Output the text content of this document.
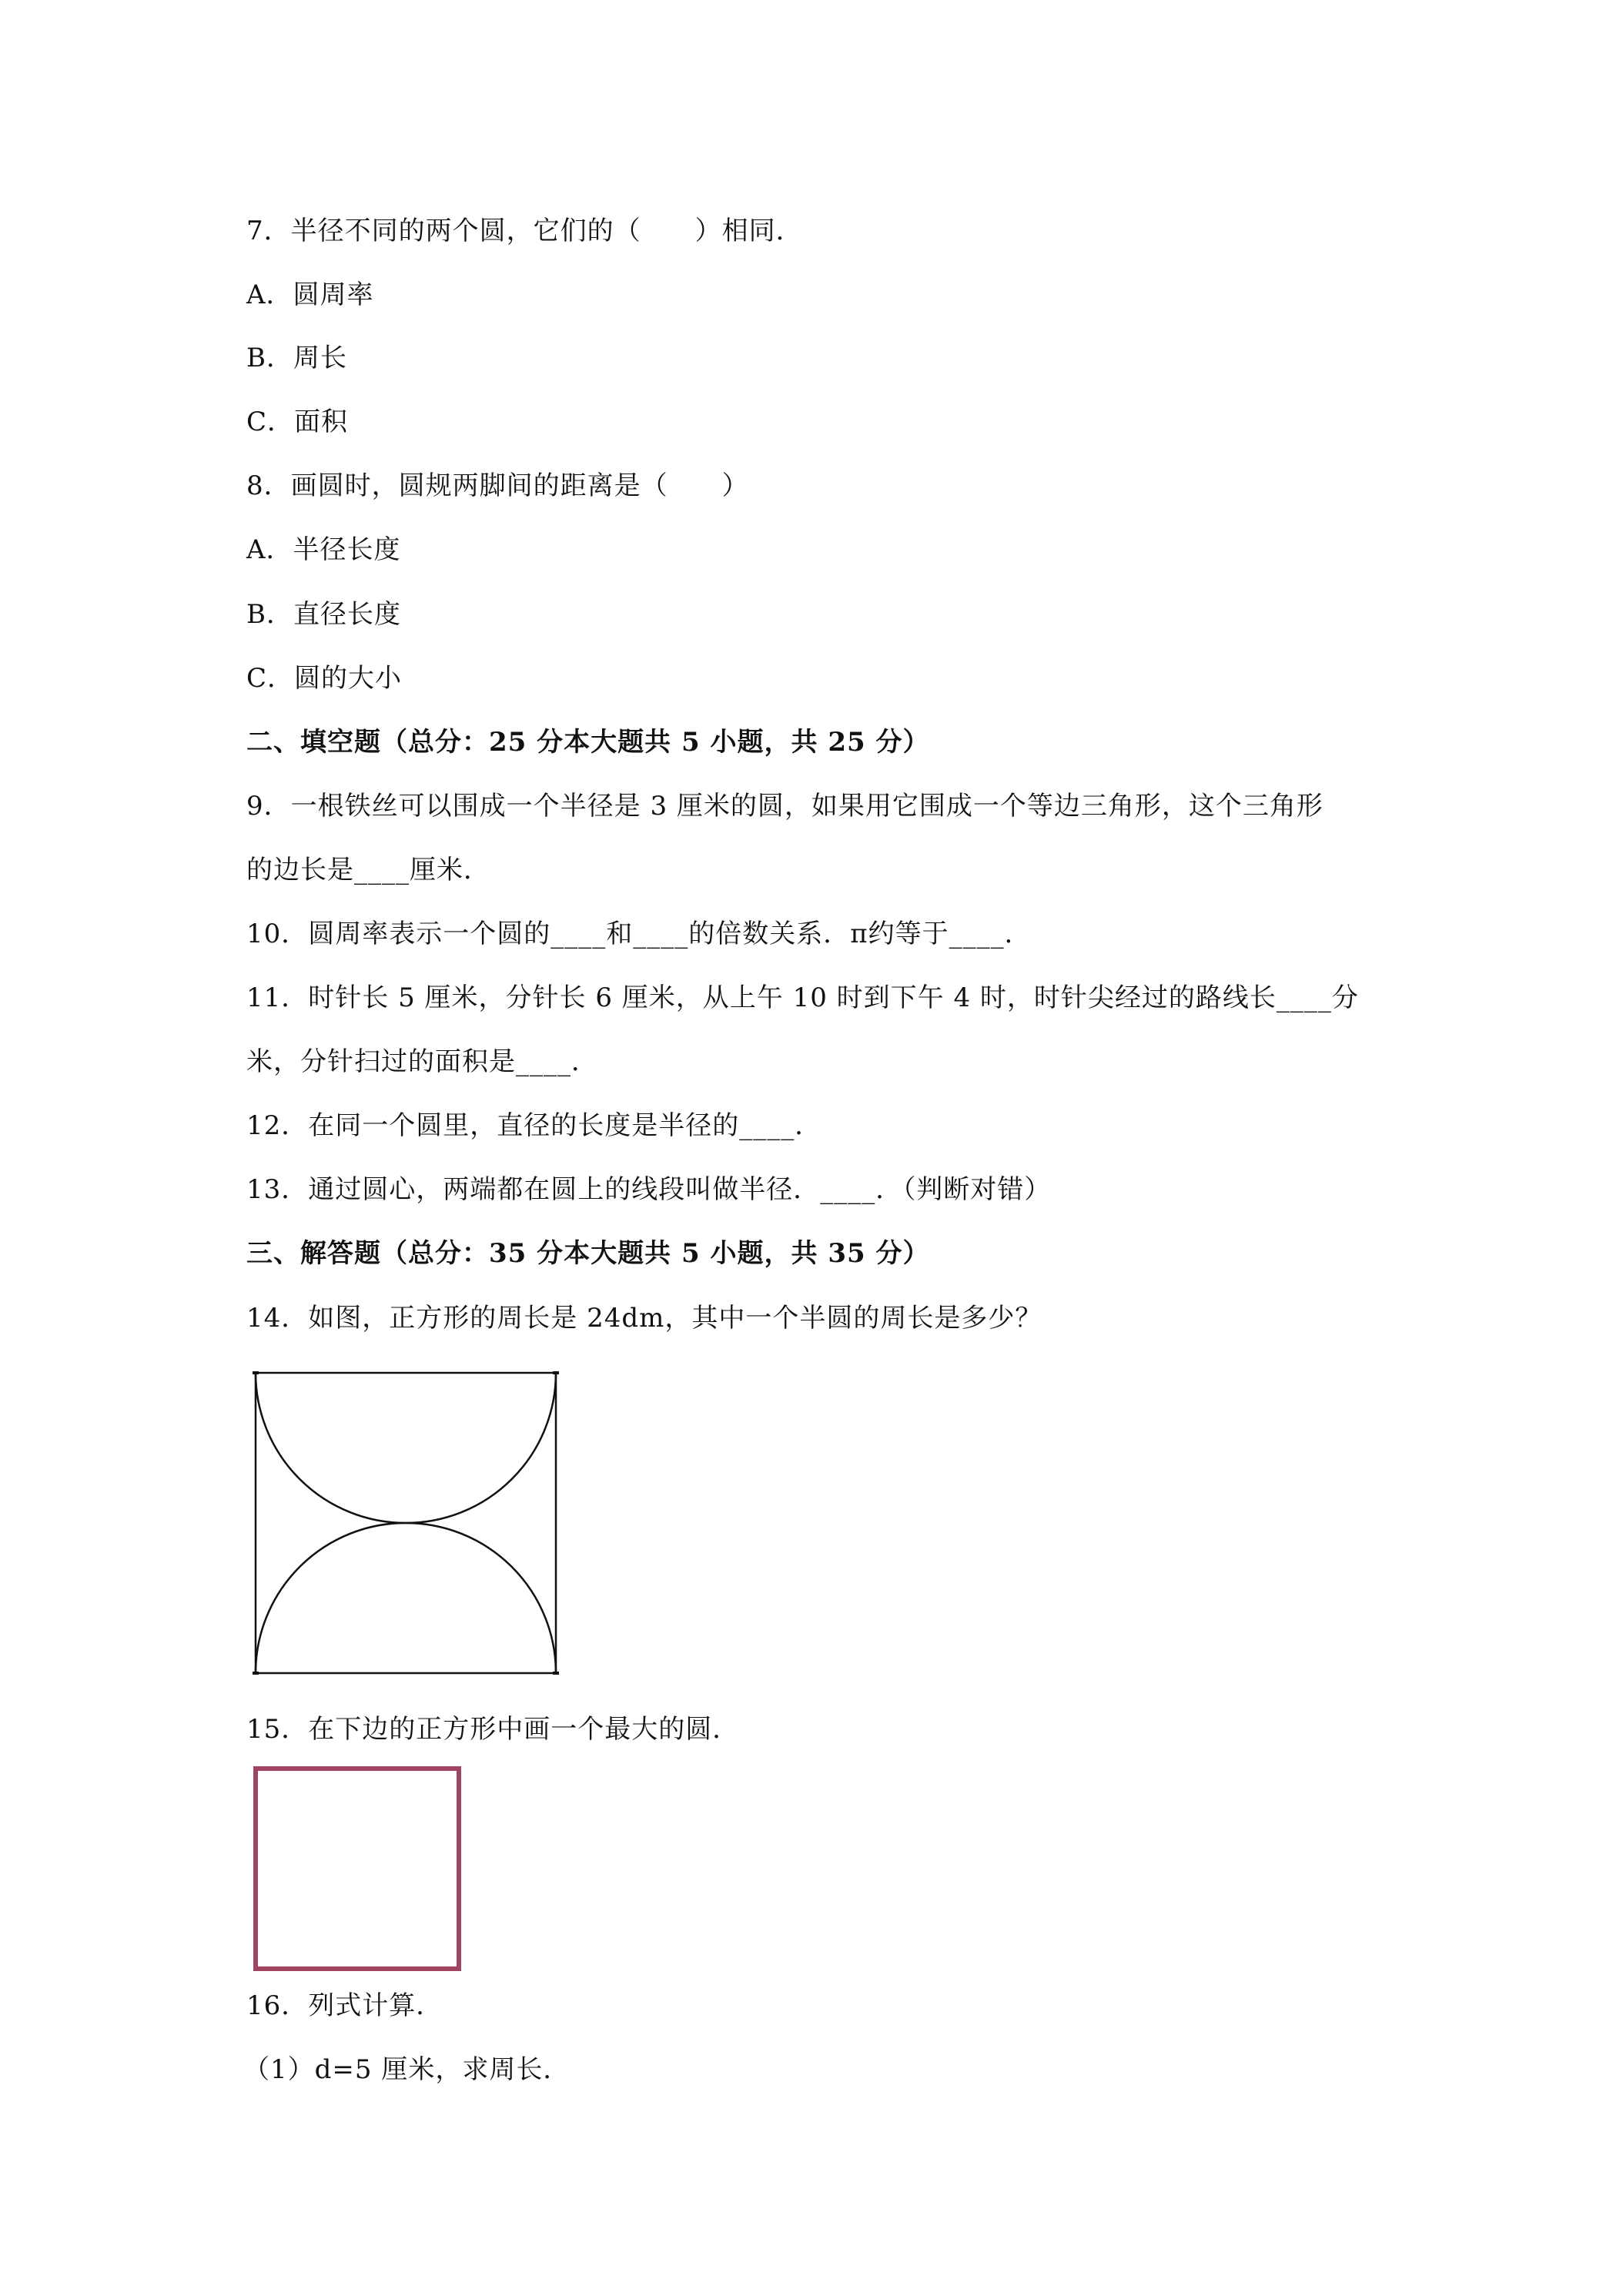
7．半径不同的两个圆，它们的（　　）相同．
A．圆周率
B．周长
C．面积
8．画圆时，圆规两脚间的距离是（　　）
A．半径长度
B．直径长度
C．圆的大小
二、填空题（总分：25 分本大题共 5 小题，共 25 分）
9．一根铁丝可以围成一个半径是 3 厘米的圆，如果用它围成一个等边三角形，这个三角形
的边长是____厘米．
10．圆周率表示一个圆的____和____的倍数关系．π约等于____．
11．时针长 5 厘米，分针长 6 厘米，从上午 10 时到下午 4 时，时针尖经过的路线长____分
米，分针扫过的面积是____．
12．在同一个圆里，直径的长度是半径的____．
13．通过圆心，两端都在圆上的线段叫做半径．____．（判断对错）
三、解答题（总分：35 分本大题共 5 小题，共 35 分）
14．如图，正方形的周长是 24dm，其中一个半圆的周长是多少？
15．在下边的正方形中画一个最大的圆．
16．列式计算．
（1）d=5 厘米，求周长．
